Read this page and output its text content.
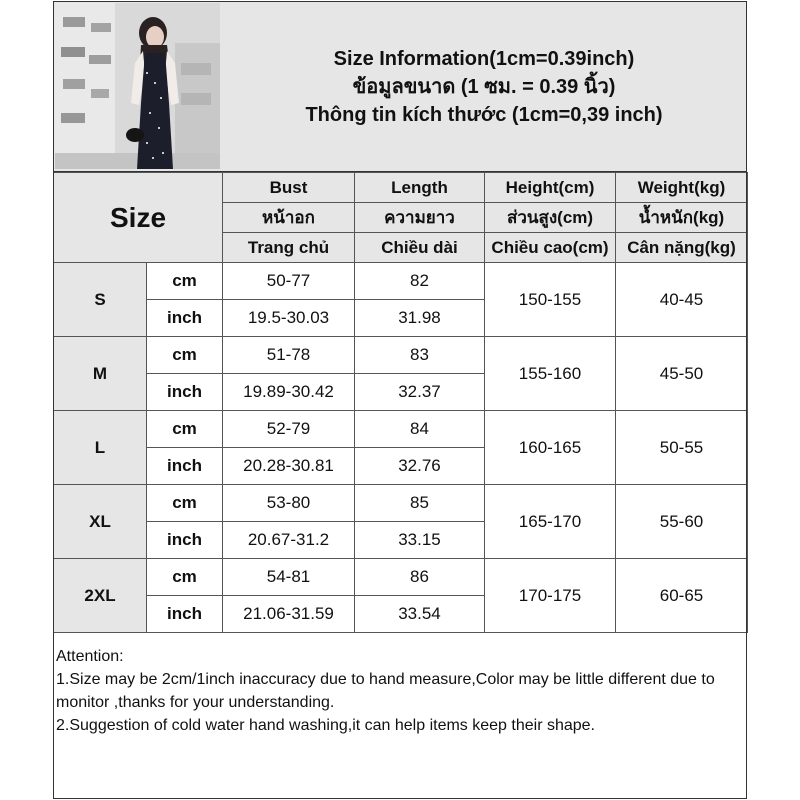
Size Information(1cm=0.39inch)
ข้อมูลขนาด (1 ซม. = 0.39 นิ้ว)
Thông tin kích thước (1cm=0,39 inch)
Size		Bust	Length	Height(cm)	Weight(kg)
		หน้าอก	ความยาว	ส่วนสูง(cm)	น้ำหนัก(kg)
		Trang chủ	Chiều dài	Chiều cao(cm)	Cân nặng(kg)
S	cm	50-77	82	150-155	40-45
	inch	19.5-30.03	31.98		
M	cm	51-78	83	155-160	45-50
	inch	19.89-30.42	32.37		
L	cm	52-79	84	160-165	50-55
	inch	20.28-30.81	32.76		
XL	cm	53-80	85	165-170	55-60
	inch	20.67-31.2	33.15		
2XL	cm	54-81	86	170-175	60-65
	inch	21.06-31.59	33.54		
Attention:
1.Size may be 2cm/1inch inaccuracy due to hand measure,Color may be little different due to monitor ,thanks for your understanding.
2.Suggestion of cold water hand washing,it can help items keep their shape.
